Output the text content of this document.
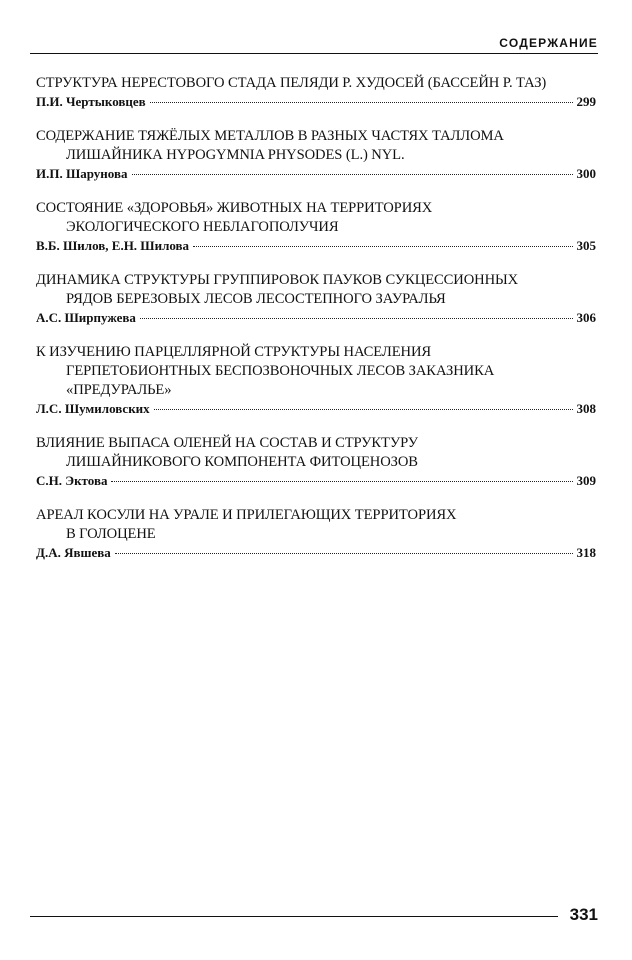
СОДЕРЖАНИЕ
СТРУКТУРА НЕРЕСТОВОГО СТАДА ПЕЛЯДИ Р. ХУДОСЕЙ (БАССЕЙН Р. ТАЗ)
П.И. Чертыковцев	299
СОДЕРЖАНИЕ ТЯЖЁЛЫХ МЕТАЛЛОВ В РАЗНЫХ ЧАСТЯХ ТАЛЛОМА
ЛИШАЙНИКА HYPOGYMNIA PHYSODES (L.) NYL.
И.П. Шарунова	300
СОСТОЯНИЕ «ЗДОРОВЬЯ» ЖИВОТНЫХ НА ТЕРРИТОРИЯХ
ЭКОЛОГИЧЕСКОГО НЕБЛАГОПОЛУЧИЯ
В.Б. Шилов, Е.Н. Шилова	305
ДИНАМИКА СТРУКТУРЫ ГРУППИРОВОК ПАУКОВ СУКЦЕССИОННЫХ
РЯДОВ БЕРЕЗОВЫХ ЛЕСОВ ЛЕСОСТЕПНОГО ЗАУРАЛЬЯ
А.С. Ширпужева	306
К ИЗУЧЕНИЮ ПАРЦЕЛЛЯРНОЙ СТРУКТУРЫ НАСЕЛЕНИЯ
ГЕРПЕТОБИОНТНЫХ БЕСПОЗВОНОЧНЫХ ЛЕСОВ ЗАКАЗНИКА
«ПРЕДУРАЛЬЕ»
Л.С. Шумиловских	308
ВЛИЯНИЕ ВЫПАСА ОЛЕНЕЙ НА СОСТАВ И СТРУКТУРУ
ЛИШАЙНИКОВОГО КОМПОНЕНТА ФИТОЦЕНОЗОВ
С.Н. Эктова	309
АРЕАЛ КОСУЛИ НА УРАЛЕ И ПРИЛЕГАЮЩИХ ТЕРРИТОРИЯХ
В ГОЛОЦЕНЕ
Д.А. Явшева	318
331
